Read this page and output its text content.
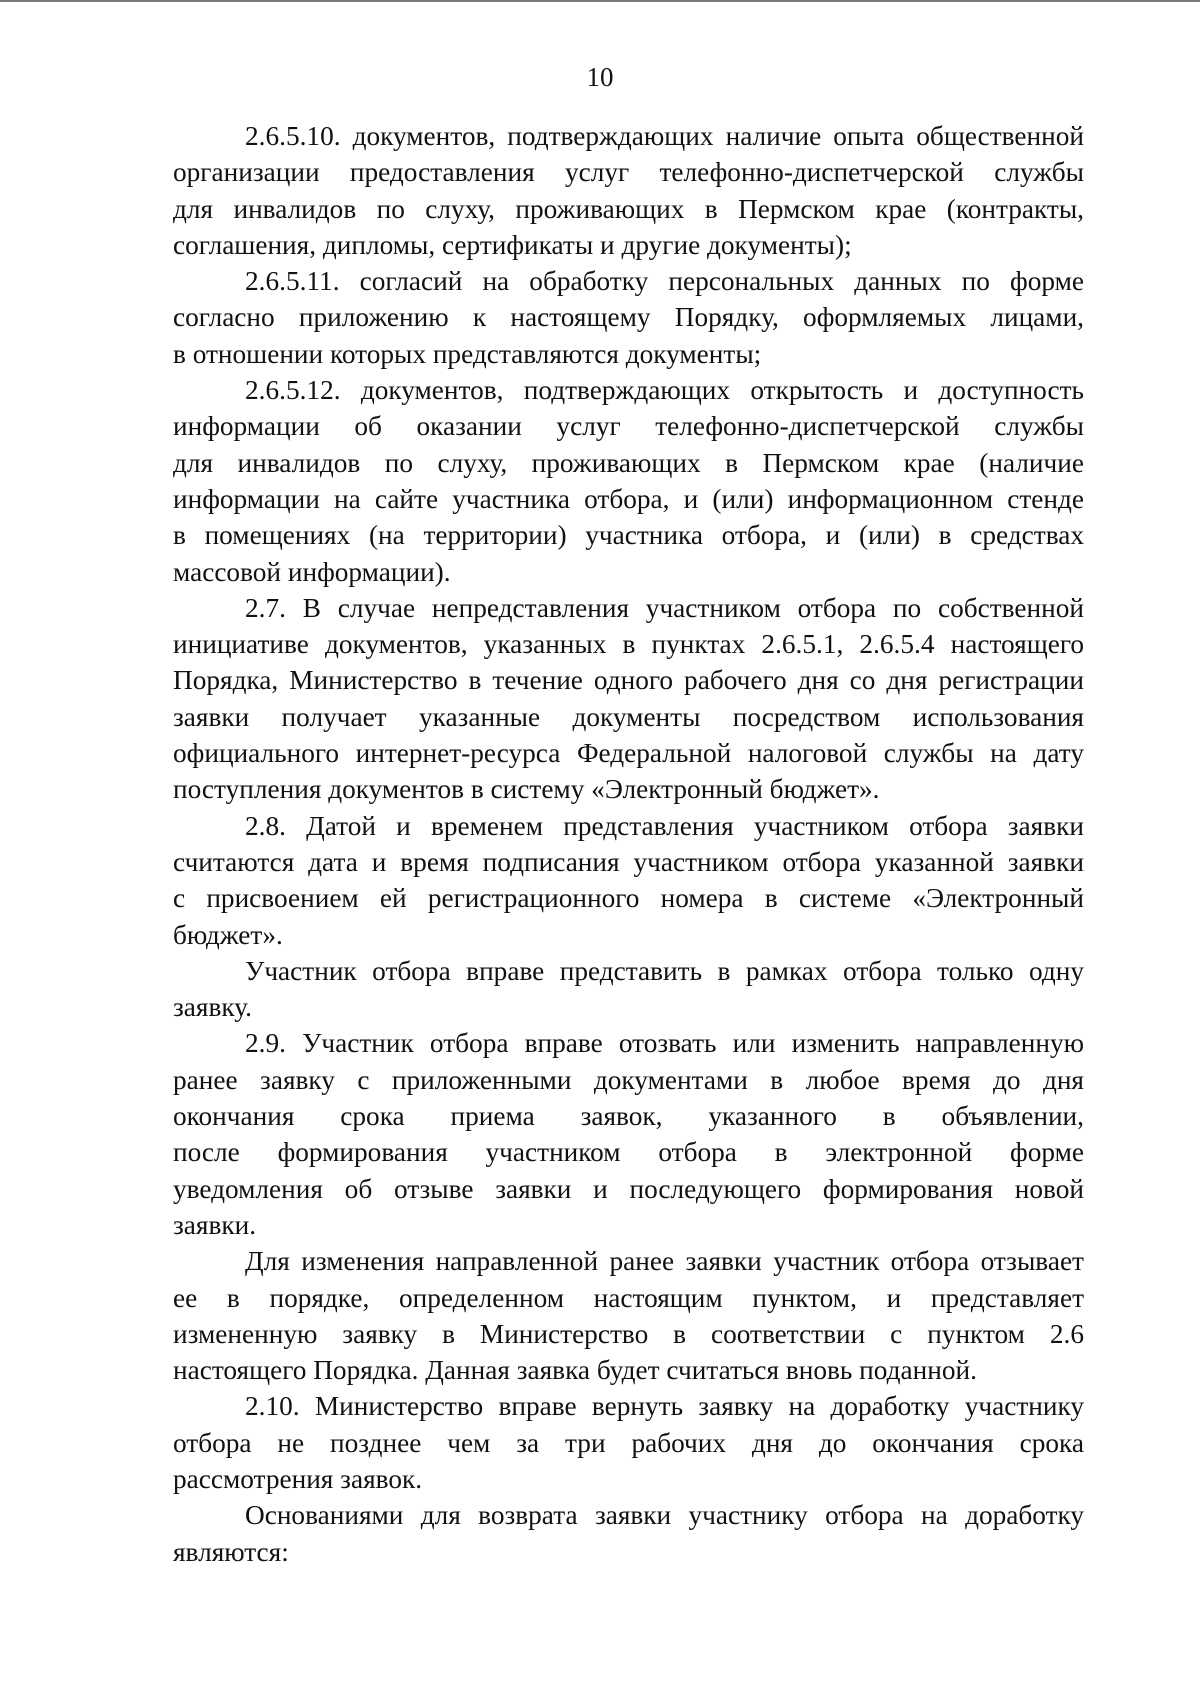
10
2.6.5.10. документов, подтверждающих наличие опыта общественной
организации предоставления услуг телефонно-диспетчерской службы
для инвалидов по слуху, проживающих в Пермском крае (контракты,
соглашения, дипломы, сертификаты и другие документы);
2.6.5.11. согласий на обработку персональных данных по форме
согласно приложению к настоящему Порядку, оформляемых лицами,
в отношении которых представляются документы;
2.6.5.12. документов, подтверждающих открытость и доступность
информации об оказании услуг телефонно-диспетчерской службы
для инвалидов по слуху, проживающих в Пермском крае (наличие
информации на сайте участника отбора, и (или) информационном стенде
в помещениях (на территории) участника отбора, и (или) в средствах
массовой информации).
2.7. В случае непредставления участником отбора по собственной
инициативе документов, указанных в пунктах 2.6.5.1, 2.6.5.4 настоящего
Порядка, Министерство в течение одного рабочего дня со дня регистрации
заявки получает указанные документы посредством использования
официального интернет-ресурса Федеральной налоговой службы на дату
поступления документов в систему «Электронный бюджет».
2.8. Датой и временем представления участником отбора заявки
считаются дата и время подписания участником отбора указанной заявки
с присвоением ей регистрационного номера в системе «Электронный
бюджет».
Участник отбора вправе представить в рамках отбора только одну
заявку.
2.9. Участник отбора вправе отозвать или изменить направленную
ранее заявку с приложенными документами в любое время до дня
окончания срока приема заявок, указанного в объявлении,
после формирования участником отбора в электронной форме
уведомления об отзыве заявки и последующего формирования новой
заявки.
Для изменения направленной ранее заявки участник отбора отзывает
ее в порядке, определенном настоящим пунктом, и представляет
измененную заявку в Министерство в соответствии с пунктом 2.6
настоящего Порядка. Данная заявка будет считаться вновь поданной.
2.10. Министерство вправе вернуть заявку на доработку участнику
отбора не позднее чем за три рабочих дня до окончания срока
рассмотрения заявок.
Основаниями для возврата заявки участнику отбора на доработку
являются:
